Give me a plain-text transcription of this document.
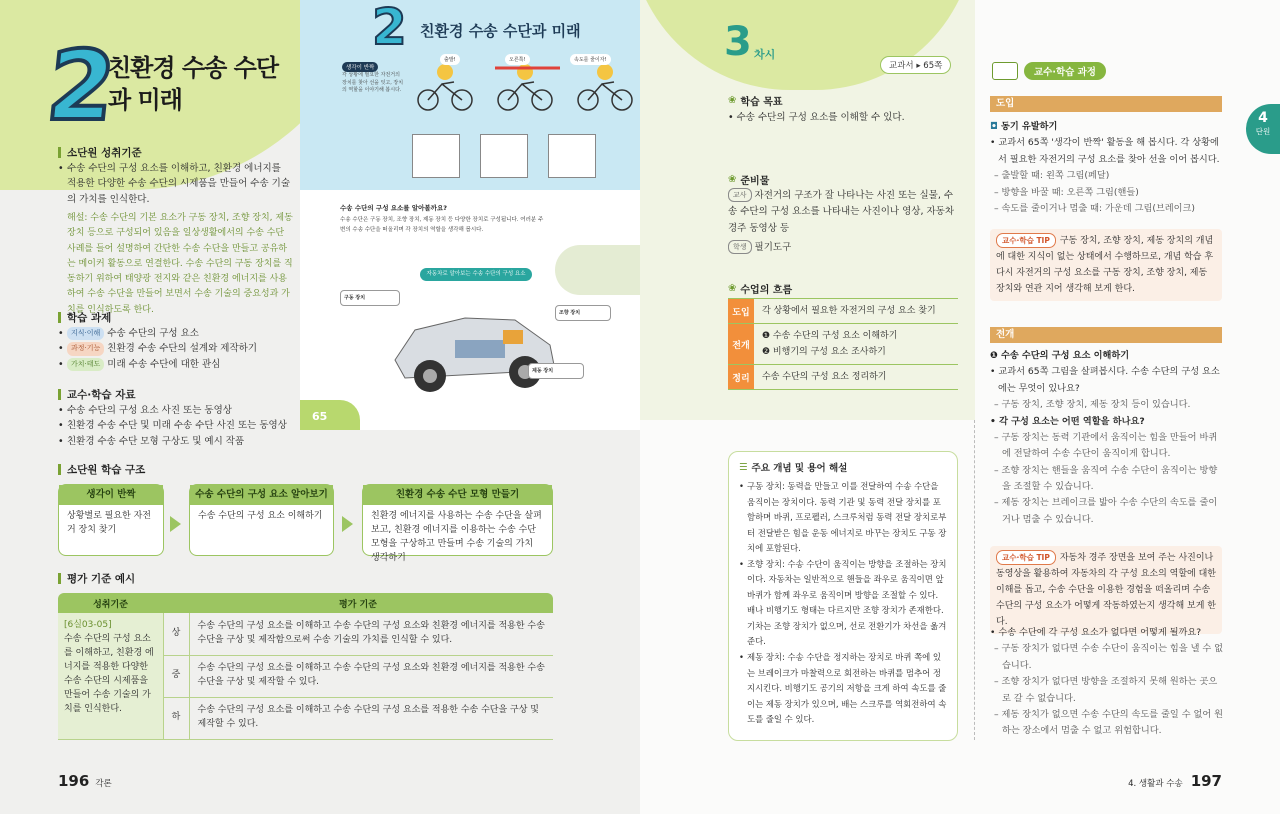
2
친환경 수송 수단과 미래
소단원 성취기준
• 수송 수단의 구성 요소를 이해하고, 친환경 에너지를 적용한 다양한 수송 수단의 시제품을 만들어 수송 기술의 가치를 인식한다.
해설: 수송 수단의 기본 요소가 구동 장치, 조향 장치, 제동 장치 등으로 구성되어 있음을 일상생활에서의 수송 수단 사례를 들어 설명하여 간단한 수송 수단을 만들고 공유하는 메이커 활동으로 연결한다. 수송 수단의 구동 장치를 직동하기 위하여 태양광 전지와 같은 친환경 에너지를 사용하여 수송 수단을 만들어 보면서 수송 기술의 중요성과 가치를 인식하도록 한다.
학습 과제
• 지식·이해 수송 수단의 구성 요소
• 과정·기능 친환경 수송 수단의 설계와 제작하기
• 가치·태도 미래 수송 수단에 대한 관심
교수·학습 자료
• 수송 수단의 구성 요소 사진 또는 동영상
• 친환경 수송 수단 및 미래 수송 수단 사진 또는 동영상
• 친환경 수송 수단 모형 구상도 및 예시 작품
소단원 학습 구조
생각이 반짝
상황별로 필요한 자전거 장치 찾기
수송 수단의 구성 요소 알아보기
수송 수단의 구성 요소 이해하기
친환경 수송 수단 모형 만들기
친환경 에너지를 사용하는 수송 수단을 살펴보고, 친환경 에너지를 이용하는 수송 수단 모형을 구상하고 만들며 수송 기술의 가치 생각하기
평가 기준 예시
성취기준	평가 기준	

[6실03-05]
수송 수단의 구성 요소를 이해하고, 친환경 에너지를 적용한 다양한 수송 수단의 시제품을 만들어 수송 기술의 가치를 인식한다.	상	수송 수단의 구성 요소를 이해하고 수송 수단의 구성 요소와 친환경 에너지를 적용한 수송 수단을 구상 및 제작함으로써 수송 기술의 가치를 인식할 수 있다.
	중	수송 수단의 구성 요소를 이해하고 수송 수단의 구성 요소와 친환경 에너지를 적용한 수송 수단을 구상 및 제작할 수 있다.
	하	수송 수단의 구성 요소를 이해하고 수송 수단의 구성 요소를 적용한 수송 수단을 구상 및 제작할 수 있다.
196 각론
2 친환경 수송 수단과 미래
생각이 반짝
각 상황에 필요한 자전거의 장치를 찾아 선을 잇고, 장치의 역할을 이야기해 봅시다.
출발!	오른쪽!	속도를 줄이자!
수송 수단의 구성 요소를 알아볼까요?
수송 수단은 구동 장치, 조향 장치, 제동 장치 등 다양한 장치로 구성됩니다. 여러분 주변의 수송 수단을 떠올리며 각 장치의 역할을 생각해 봅시다.
자동차로 알아보는 수송 수단의 구성 요소
구동 장치
조향 장치
제동 장치
65
3 차시
교과서 ▸ 65쪽
❀ 학습 목표
• 수송 수단의 구성 요소를 이해할 수 있다.
❀ 준비물
교사 자전거의 구조가 잘 나타나는 사진 또는 실물, 수송 수단의 구성 요소를 나타내는 사진이나 영상, 자동차 경주 동영상 등
학생 필기도구
❀ 수업의 흐름
도입	각 상황에서 필요한 자전거의 구성 요소 찾기
전개
❶ 수송 수단의 구성 요소 이해하기
❷ 비행기의 구성 요소 조사하기
정리	수송 수단의 구성 요소 정리하기
☰ 주요 개념 및 용어 해설
• 구동 장치: 동력을 만들고 이를 전달하여 수송 수단을 움직이는 장치이다. 동력 기관 및 동력 전달 장치를 포함하며 바퀴, 프로펠러, 스크루처럼 동력 전달 장치로부터 전달받은 힘을 운동 에너지로 바꾸는 장치도 구동 장치에 포함된다.
• 조향 장치: 수송 수단이 움직이는 방향을 조절하는 장치이다. 자동차는 일반적으로 핸들을 좌우로 움직이면 앞바퀴가 함께 좌우로 움직이며 방향을 조절할 수 있다. 배나 비행기도 형태는 다르지만 조향 장치가 존재한다. 기차는 조향 장치가 없으며, 선로 전환기가 차선을 옮겨 준다.
• 제동 장치: 수송 수단을 정지하는 장치로 바퀴 쪽에 있는 브레이크가 마찰력으로 회전하는 바퀴를 멈추어 정지시킨다. 비행기도 공기의 저항을 크게 하여 속도를 줄이는 제동 장치가 있으며, 배는 스크루를 역회전하여 속도를 줄일 수 있다.
교수·학습 과정
도입
◘ 동기 유발하기
• 교과서 65쪽 '생각이 반짝' 활동을 해 봅시다. 각 상황에서 필요한 자전거의 구성 요소를 찾아 선을 이어 봅시다.
– 출발할 때: 왼쪽 그림(페달)
– 방향을 바꿀 때: 오른쪽 그림(핸들)
– 속도를 줄이거나 멈출 때: 가운데 그림(브레이크)
교수·학습 TIP 구동 장치, 조향 장치, 제동 장치의 개념에 대한 지식이 없는 상태에서 수행하므로, 개념 학습 후 다시 자전거의 구성 요소를 구동 장치, 조향 장치, 제동 장치와 연관 지어 생각해 보게 한다.
전개
❶ 수송 수단의 구성 요소 이해하기
• 교과서 65쪽 그림을 살펴봅시다. 수송 수단의 구성 요소에는 무엇이 있나요?
– 구동 장치, 조향 장치, 제동 장치 등이 있습니다.
• 각 구성 요소는 어떤 역할을 하나요?
– 구동 장치는 동력 기관에서 움직이는 힘을 만들어 바퀴에 전달하여 수송 수단이 움직이게 합니다.
– 조향 장치는 핸들을 움직여 수송 수단이 움직이는 방향을 조절할 수 있습니다.
– 제동 장치는 브레이크를 밟아 수송 수단의 속도를 줄이거나 멈출 수 있습니다.
교수·학습 TIP 자동차 경주 장면을 보여 주는 사진이나 동영상을 활용하여 자동차의 각 구성 요소의 역할에 대한 이해를 돕고, 수송 수단을 이용한 경험을 떠올리며 수송 수단의 구성 요소가 어떻게 작동하였는지 생각해 보게 한다.
• 수송 수단에 각 구성 요소가 없다면 어떻게 될까요?
– 구동 장치가 없다면 수송 수단이 움직이는 힘을 낼 수 없습니다.
– 조향 장치가 없다면 방향을 조절하지 못해 원하는 곳으로 갈 수 없습니다.
– 제동 장치가 없으면 수송 수단의 속도를 줄일 수 없어 원하는 장소에서 멈출 수 없고 위험합니다.
4
단원
4. 생활과 수송 197
